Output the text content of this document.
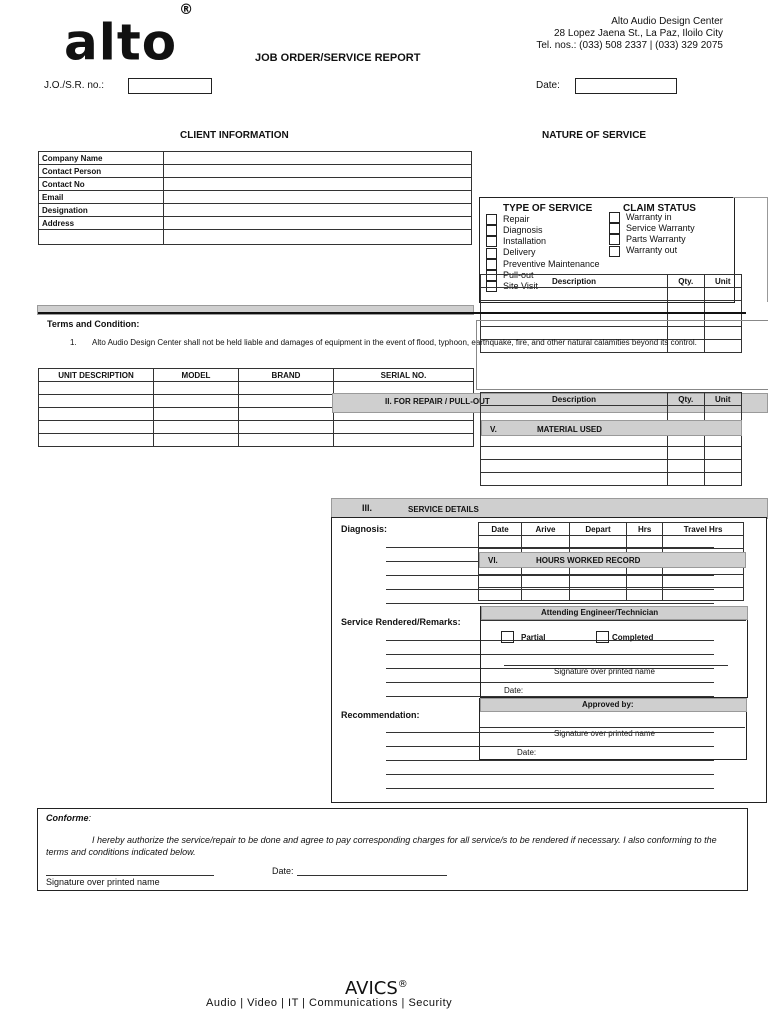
alto®
Alto Audio Design Center
28 Lopez Jaena St., La Paz, Iloilo City
Tel. nos.: (033) 508 2337 | (033) 329 2075
JOB ORDER/SERVICE REPORT
J.O./S.R. no.:	Date:
CLIENT INFORMATION	NATURE OF SERVICE
Company Name	
Contact Person	
Contact No	
Email	
Designation	
Address	

TYPE OF SERVICE	CLAIM STATUS
Repair
Diagnosis
Installation
Delivery
Preventive Maintenance
Pull-out
Site Visit
Warranty in
Service Warranty
Parts Warranty
Warranty out
Description	Qty.	Unit

Terms and Condition:
1. Alto Audio Design Center shall not be held liable and damages of equipment in the event of flood, typhoon, earthquake, fire, and other natural calamities beyond its control.
UNIT DESCRIPTION	MODEL	BRAND	SERIAL NO.

II. FOR REPAIR / PULL-OUT	Description	Qty.	Unit

V.	MATERIAL USED
III.	SERVICE DETAILS
Diagnosis:	Date	Arive	Depart	Hrs	Travel Hrs

VI.	HOURS WORKED RECORD
Service Rendered/Remarks:
Attending Engineer/Technician
Partial	Completed
Signature over printed name
Date:
Approved by:
Signature over printed name
Date:
Recommendation:
Conforme:
I hereby authorize the service/repair to be done and agree to pay corresponding charges for all service/s to be rendered if necessary. I also conforming to the terms and conditions indicated below.
Signature over printed name
Date:
AVICS®
Audio | Video | IT | Communications | Security
